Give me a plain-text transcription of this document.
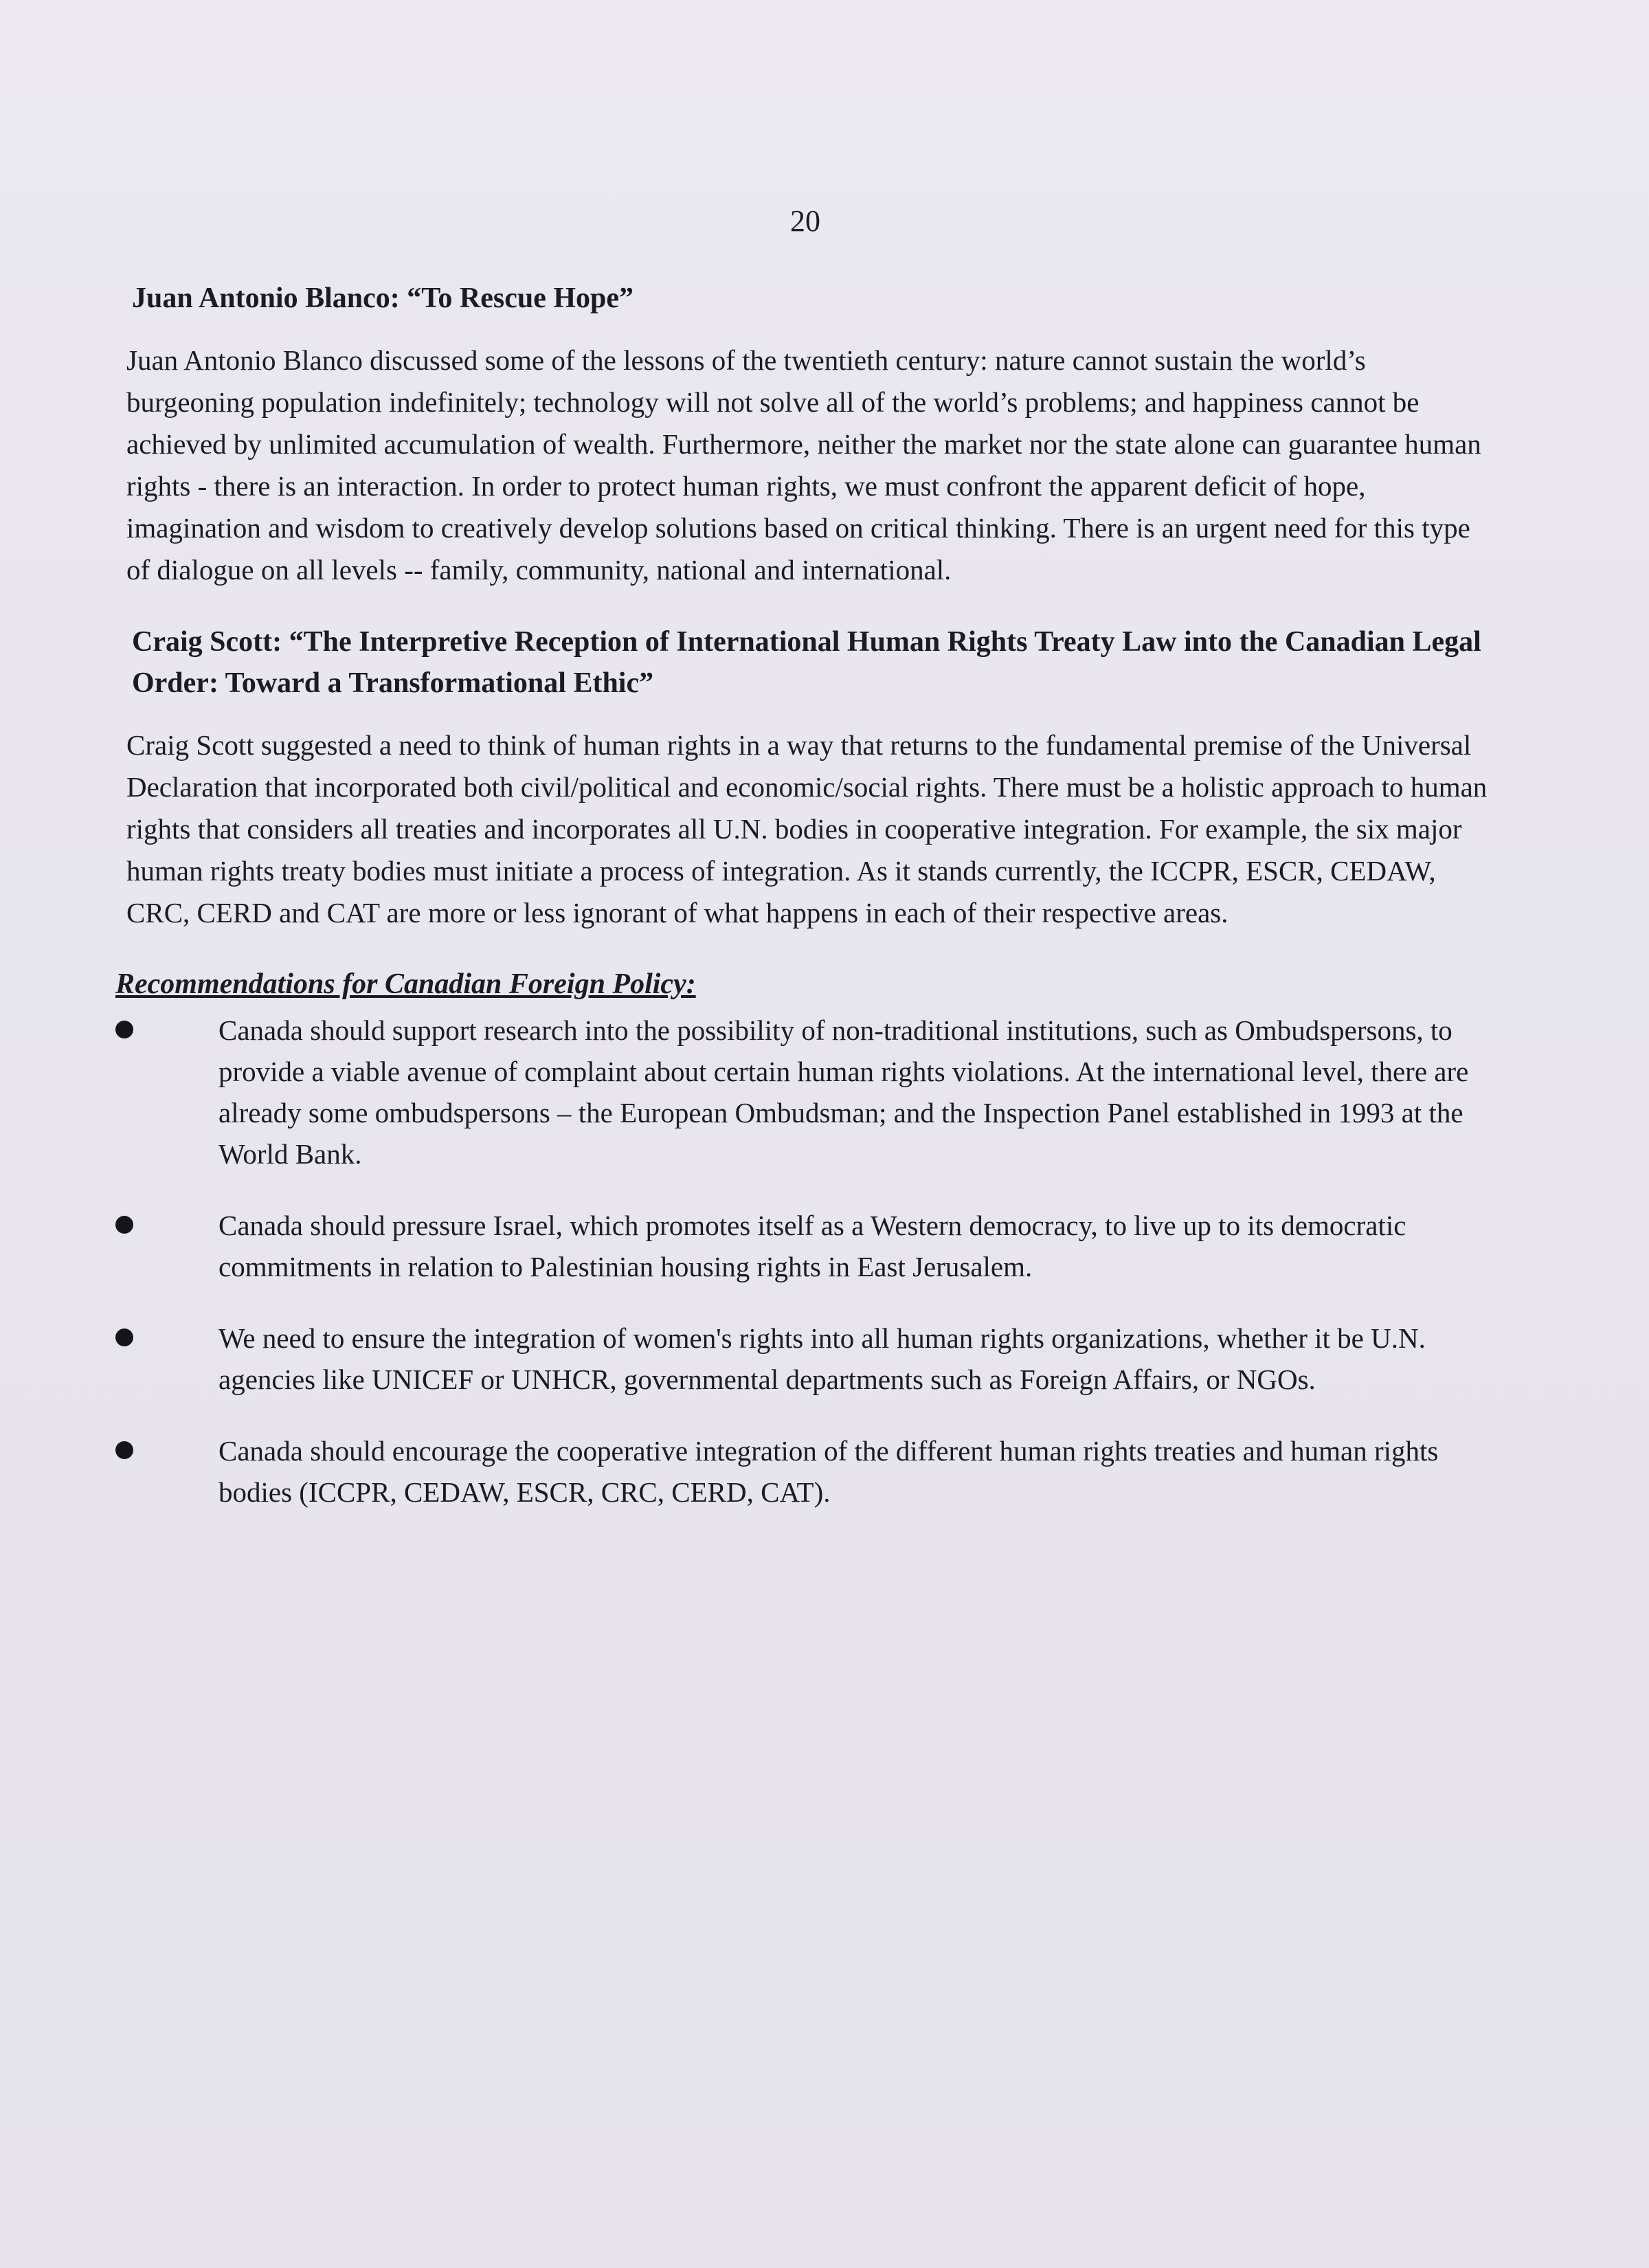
20
Juan Antonio Blanco: “To Rescue Hope”

Juan Antonio Blanco discussed some of the lessons of the twentieth century: nature cannot sustain the world’s burgeoning population indefinitely; technology will not solve all of the world’s problems; and happiness cannot be achieved by unlimited accumulation of wealth. Furthermore, neither the market nor the state alone can guarantee human rights - there is an interaction. In order to protect human rights, we must confront the apparent deficit of hope, imagination and wisdom to creatively develop solutions based on critical thinking. There is an urgent need for this type of dialogue on all levels -- family, community, national and international.

Craig Scott: “The Interpretive Reception of International Human Rights Treaty Law into the Canadian Legal Order: Toward a Transformational Ethic”

Craig Scott suggested a need to think of human rights in a way that returns to the fundamental premise of the Universal Declaration that incorporated both civil/political and economic/social rights. There must be a holistic approach to human rights that considers all treaties and incorporates all U.N. bodies in cooperative integration. For example, the six major human rights treaty bodies must initiate a process of integration. As it stands currently, the ICCPR, ESCR, CEDAW, CRC, CERD and CAT are more or less ignorant of what happens in each of their respective areas.

Recommendations for Canadian Foreign Policy:
Canada should support research into the possibility of non-traditional institutions, such as Ombudspersons, to provide a viable avenue of complaint about certain human rights violations. At the international level, there are already some ombudspersons – the European Ombudsman; and the Inspection Panel established in 1993 at the World Bank.
Canada should pressure Israel, which promotes itself as a Western democracy, to live up to its democratic commitments in relation to Palestinian housing rights in East Jerusalem.
We need to ensure the integration of women's rights into all human rights organizations, whether it be U.N. agencies like UNICEF or UNHCR, governmental departments such as Foreign Affairs, or NGOs.
Canada should encourage the cooperative integration of the different human rights treaties and human rights bodies (ICCPR, CEDAW, ESCR, CRC, CERD, CAT).
